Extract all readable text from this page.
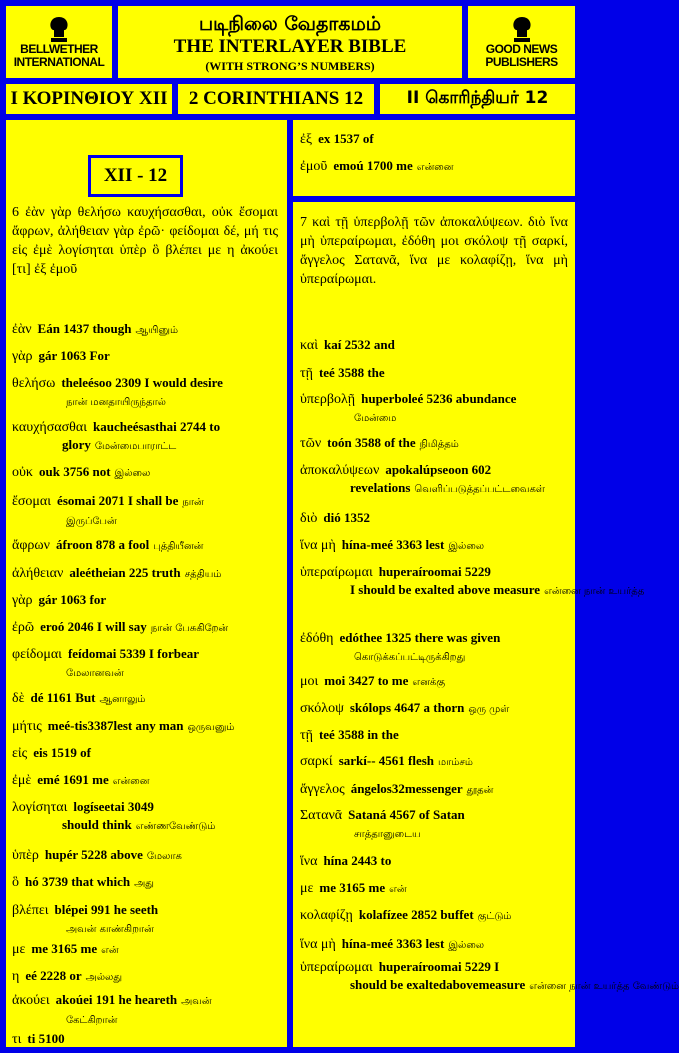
BELLWETHER
INTERNATIONAL
படிநிலை வேதாகமம்
THE INTERLAYER BIBLE
(WITH STRONG’S NUMBERS)
GOOD NEWS
PUBLISHERS
Ι ΚΟΡΙΝΘΙΟΥ XII	2 CORINTHIANS 12	II கொரிந்தியர் 12
XII - 12
6 ἐὰν γὰρ θελήσω καυχήσασθαι, οὐκ ἔσομαι ἄφρων, ἀλήθειαν γὰρ ἐρῶ· φείδομαι δέ, μή τις εἰς ἐμὲ λογίσηται ὑπὲρ ὃ βλέπει με η ἀκούει [τι] ἐξ ἐμοῦ
ἐὰν Eán 1437 though ஆயினும்
γὰρ gár 1063 For
θελήσω theleésoo 2309 I would desire
நான் மனதாயிருந்தால்
καυχήσασθαι kaucheésasthai 2744 to
glory மேன்மைபாராட்ட
οὐκ ouk 3756 not இல்லை
ἔσομαι ésomai 2071 I shall be நான்
இருப்பேன்
ἄφρων áfroon 878 a fool புத்தியீனன்
ἀλήθειαν aleétheian 225 truth சத்தியம்
γὰρ gár 1063 for
ἐρῶ eroó 2046 I will say நான் பேசுகிறேன்
φείδομαι feídomai 5339 I forbear
மேலானவன்
δὲ dé 1161 But ஆனாலும்
μήτις meé-tis3387lest any man ஒருவனும்
εἰς eis 1519 of
ἐμὲ emé 1691 me என்னை
λογίσηται logíseetai 3049
should think எண்ணவேண்டும்
ὑπὲρ hupér 5228 above மேலாக
ὃ hó 3739 that which அது
βλέπει blépei 991 he seeth
அவன் காண்கிறான்
με me 3165 me என்
η eé 2228 or அல்லது
ἀκούει akoúei 191 he heareth அவன்
கேட்கிறான்
τι ti 5100
ἐξ ex 1537 of
ἐμοῦ emoú 1700 me என்னை
7 καὶ τῇ ὑπερβολῇ τῶν ἀποκαλύψεων. διὸ ἵνα μὴ ὑπεραίρωμαι, ἐδόθη μοι σκόλοψ τῇ σαρκί, ἄγγελος Σατανᾶ, ἵνα με κολαφίζῃ, ἵνα μὴ ὑπεραίρωμαι.
καὶ kaí 2532 and
τῇ teé 3588 the
ὑπερβολῇ huperboleé 5236 abundance
மேன்மை
τῶν toón 3588 of the நிமித்தம்
ἀποκαλύψεων apokalúpseoon 602
revelations வெளிப்படுத்தப்பட்டவைகள்
διὸ dió 1352
ἵνα μὴ hína-meé 3363 lest இல்லை
ὑπεραίρωμαι huperaíroomai 5229
I should be exalted above measure என்னை நான் உயர்த்த
ἐδόθη edóthee 1325 there was given
கொடுக்கப்பட்டிருக்கிறது
μοι moi 3427 to me எனக்கு
σκόλοψ skólops 4647 a thorn ஒரு முள்
τῇ teé 3588 in the
σαρκί sarkí-- 4561 flesh மாம்சம்
ἄγγελος ángelos32messenger தூதன்
Σατανᾶ Sataná 4567 of Satan
சாத்தானுடைய
ἵνα hína 2443 to
με me 3165 me என்
κολαφίζῃ kolafízee 2852 buffet குட்டும்
ἵνα μὴ hína-meé 3363 lest இல்லை
ὑπεραίρωμαι huperaíroomai 5229 I
should be exaltedabovemeasure என்னை நான் உயர்த்த வேண்டும்
